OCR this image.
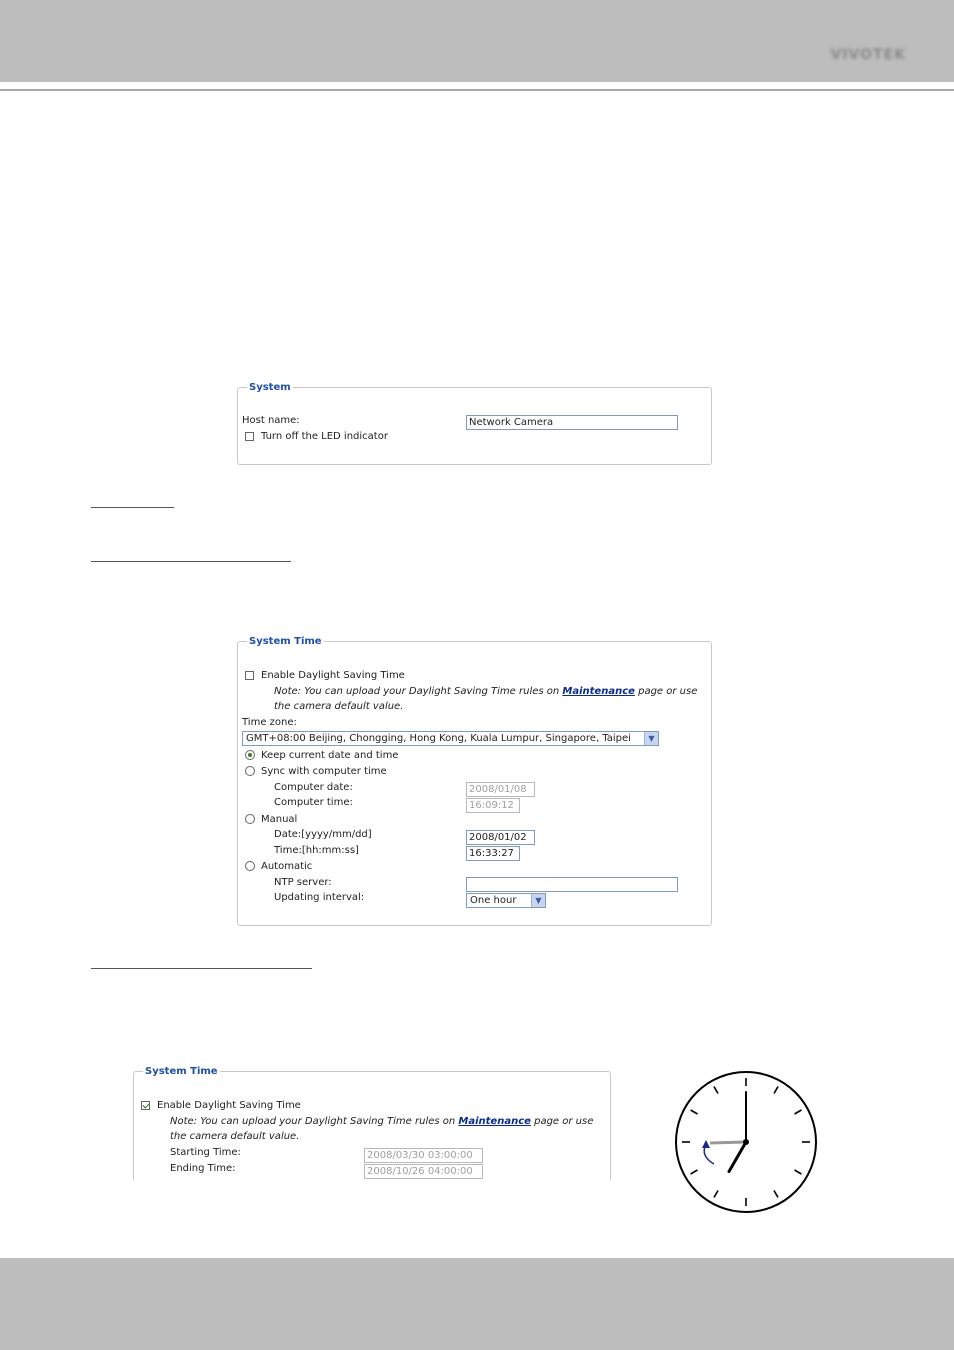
VIVOTEK
System
Host name:	Network Camera
Turn off the LED indicator
System Time
Enable Daylight Saving Time
Note: You can upload your Daylight Saving Time rules on Maintenance page or use
the camera default value.
Time zone:
GMT+08:00 Beijing, Chongging, Hong Kong, Kuala Lumpur, Singapore, Taipei	▼
Keep current date and time
Sync with computer time
Computer date:	2008/01/08
Computer time:	16:09:12
Manual
Date:[yyyy/mm/dd]	2008/01/02
Time:[hh:mm:ss]	16:33:27
Automatic
NTP server:
Updating interval:	One hour	▼
System Time
Enable Daylight Saving Time
Note: You can upload your Daylight Saving Time rules on Maintenance page or use
the camera default value.
Starting Time:	2008/03/30 03:00:00
Ending Time:	2008/10/26 04:00:00
